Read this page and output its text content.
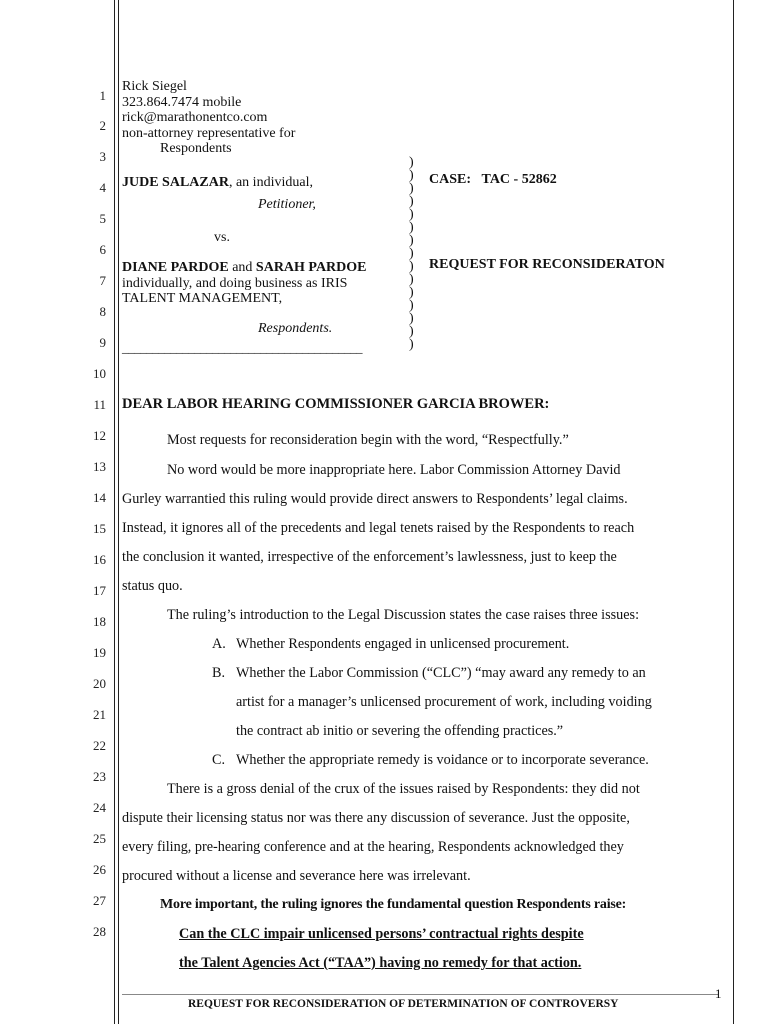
1
2
3
4
5
6
7
8
9
10
11
12
13
14
15
16
17
18
19
20
21
22
23
24
25
26
27
28
Rick Siegel
323.864.7474 mobile
rick@marathonentco.com
non-attorney representative for
Respondents
JUDE SALAZAR, an individual,
Petitioner,
vs.
DIANE PARDOE and SARAH PARDOE
individually, and doing business as IRIS
TALENT MANAGEMENT,
Respondents.
________________________________________
)
)
)
)
)
)
)
)
)
)
)
)
)
)
)
CASE: TAC - 52862
REQUEST FOR RECONSIDERATON
DEAR LABOR HEARING COMMISSIONER GARCIA BROWER:
Most requests for reconsideration begin with the word, “Respectfully.”
No word would be more inappropriate here. Labor Commission Attorney David
Gurley warrantied this ruling would provide direct answers to Respondents’ legal claims.
Instead, it ignores all of the precedents and legal tenets raised by the Respondents to reach
the conclusion it wanted, irrespective of the enforcement’s lawlessness, just to keep the
status quo.
The ruling’s introduction to the Legal Discussion states the case raises three issues:
A. Whether Respondents engaged in unlicensed procurement.
B. Whether the Labor Commission (“CLC”) “may award any remedy to an
artist for a manager’s unlicensed procurement of work, including voiding
the contract ab initio or severing the offending practices.”
C. Whether the appropriate remedy is voidance or to incorporate severance.
There is a gross denial of the crux of the issues raised by Respondents: they did not
dispute their licensing status nor was there any discussion of severance. Just the opposite,
every filing, pre-hearing conference and at the hearing, Respondents acknowledged they
procured without a license and severance here was irrelevant.
More important, the ruling ignores the fundamental question Respondents raise:
Can the CLC impair unlicensed persons’ contractual rights despite
the Talent Agencies Act (“TAA”) having no remedy for that action.
1
REQUEST FOR RECONSIDERATION OF DETERMINATION OF CONTROVERSY
